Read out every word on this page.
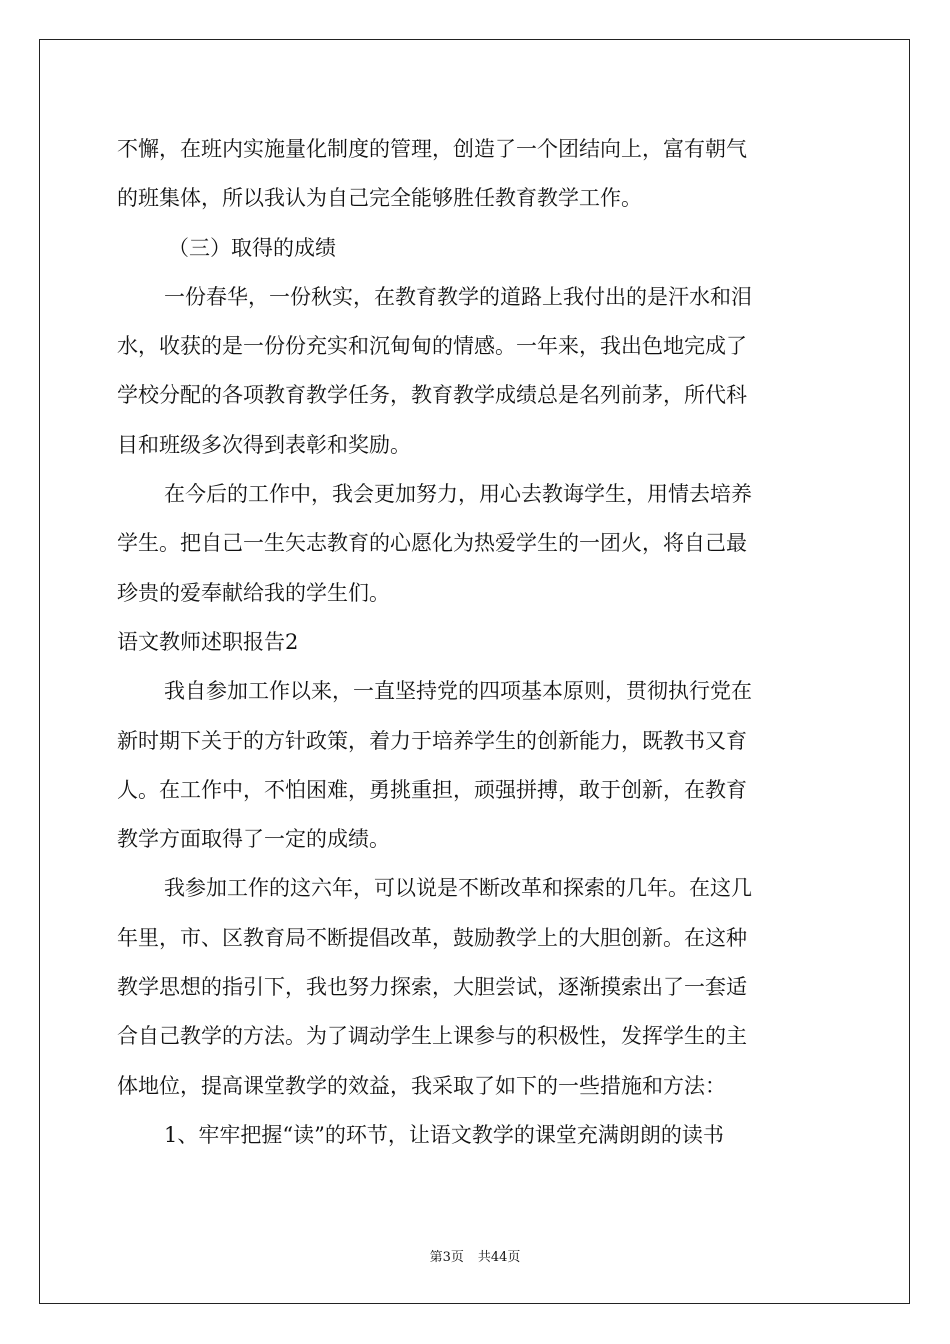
不懈，在班内实施量化制度的管理，创造了一个团结向上，富有朝气
的班集体，所以我认为自己完全能够胜任教育教学工作。
（三）取得的成绩
一份春华，一份秋实，在教育教学的道路上我付出的是汗水和泪
水，收获的是一份份充实和沉甸甸的情感。一年来，我出色地完成了
学校分配的各项教育教学任务，教育教学成绩总是名列前茅，所代科
目和班级多次得到表彰和奖励。
在今后的工作中，我会更加努力，用心去教诲学生，用情去培养
学生。把自己一生矢志教育的心愿化为热爱学生的一团火，将自己最
珍贵的爱奉献给我的学生们。
语文教师述职报告2
我自参加工作以来，一直坚持党的四项基本原则，贯彻执行党在
新时期下关于的方针政策，着力于培养学生的创新能力，既教书又育
人。在工作中，不怕困难，勇挑重担，顽强拼搏，敢于创新，在教育
教学方面取得了一定的成绩。
我参加工作的这六年，可以说是不断改革和探索的几年。在这几
年里，市、区教育局不断提倡改革，鼓励教学上的大胆创新。在这种
教学思想的指引下，我也努力探索，大胆尝试，逐渐摸索出了一套适
合自己教学的方法。为了调动学生上课参与的积极性，发挥学生的主
体地位，提高课堂教学的效益，我采取了如下的一些措施和方法：
1、牢牢把握“读”的环节，让语文教学的课堂充满朗朗的读书
第3页 共44页
